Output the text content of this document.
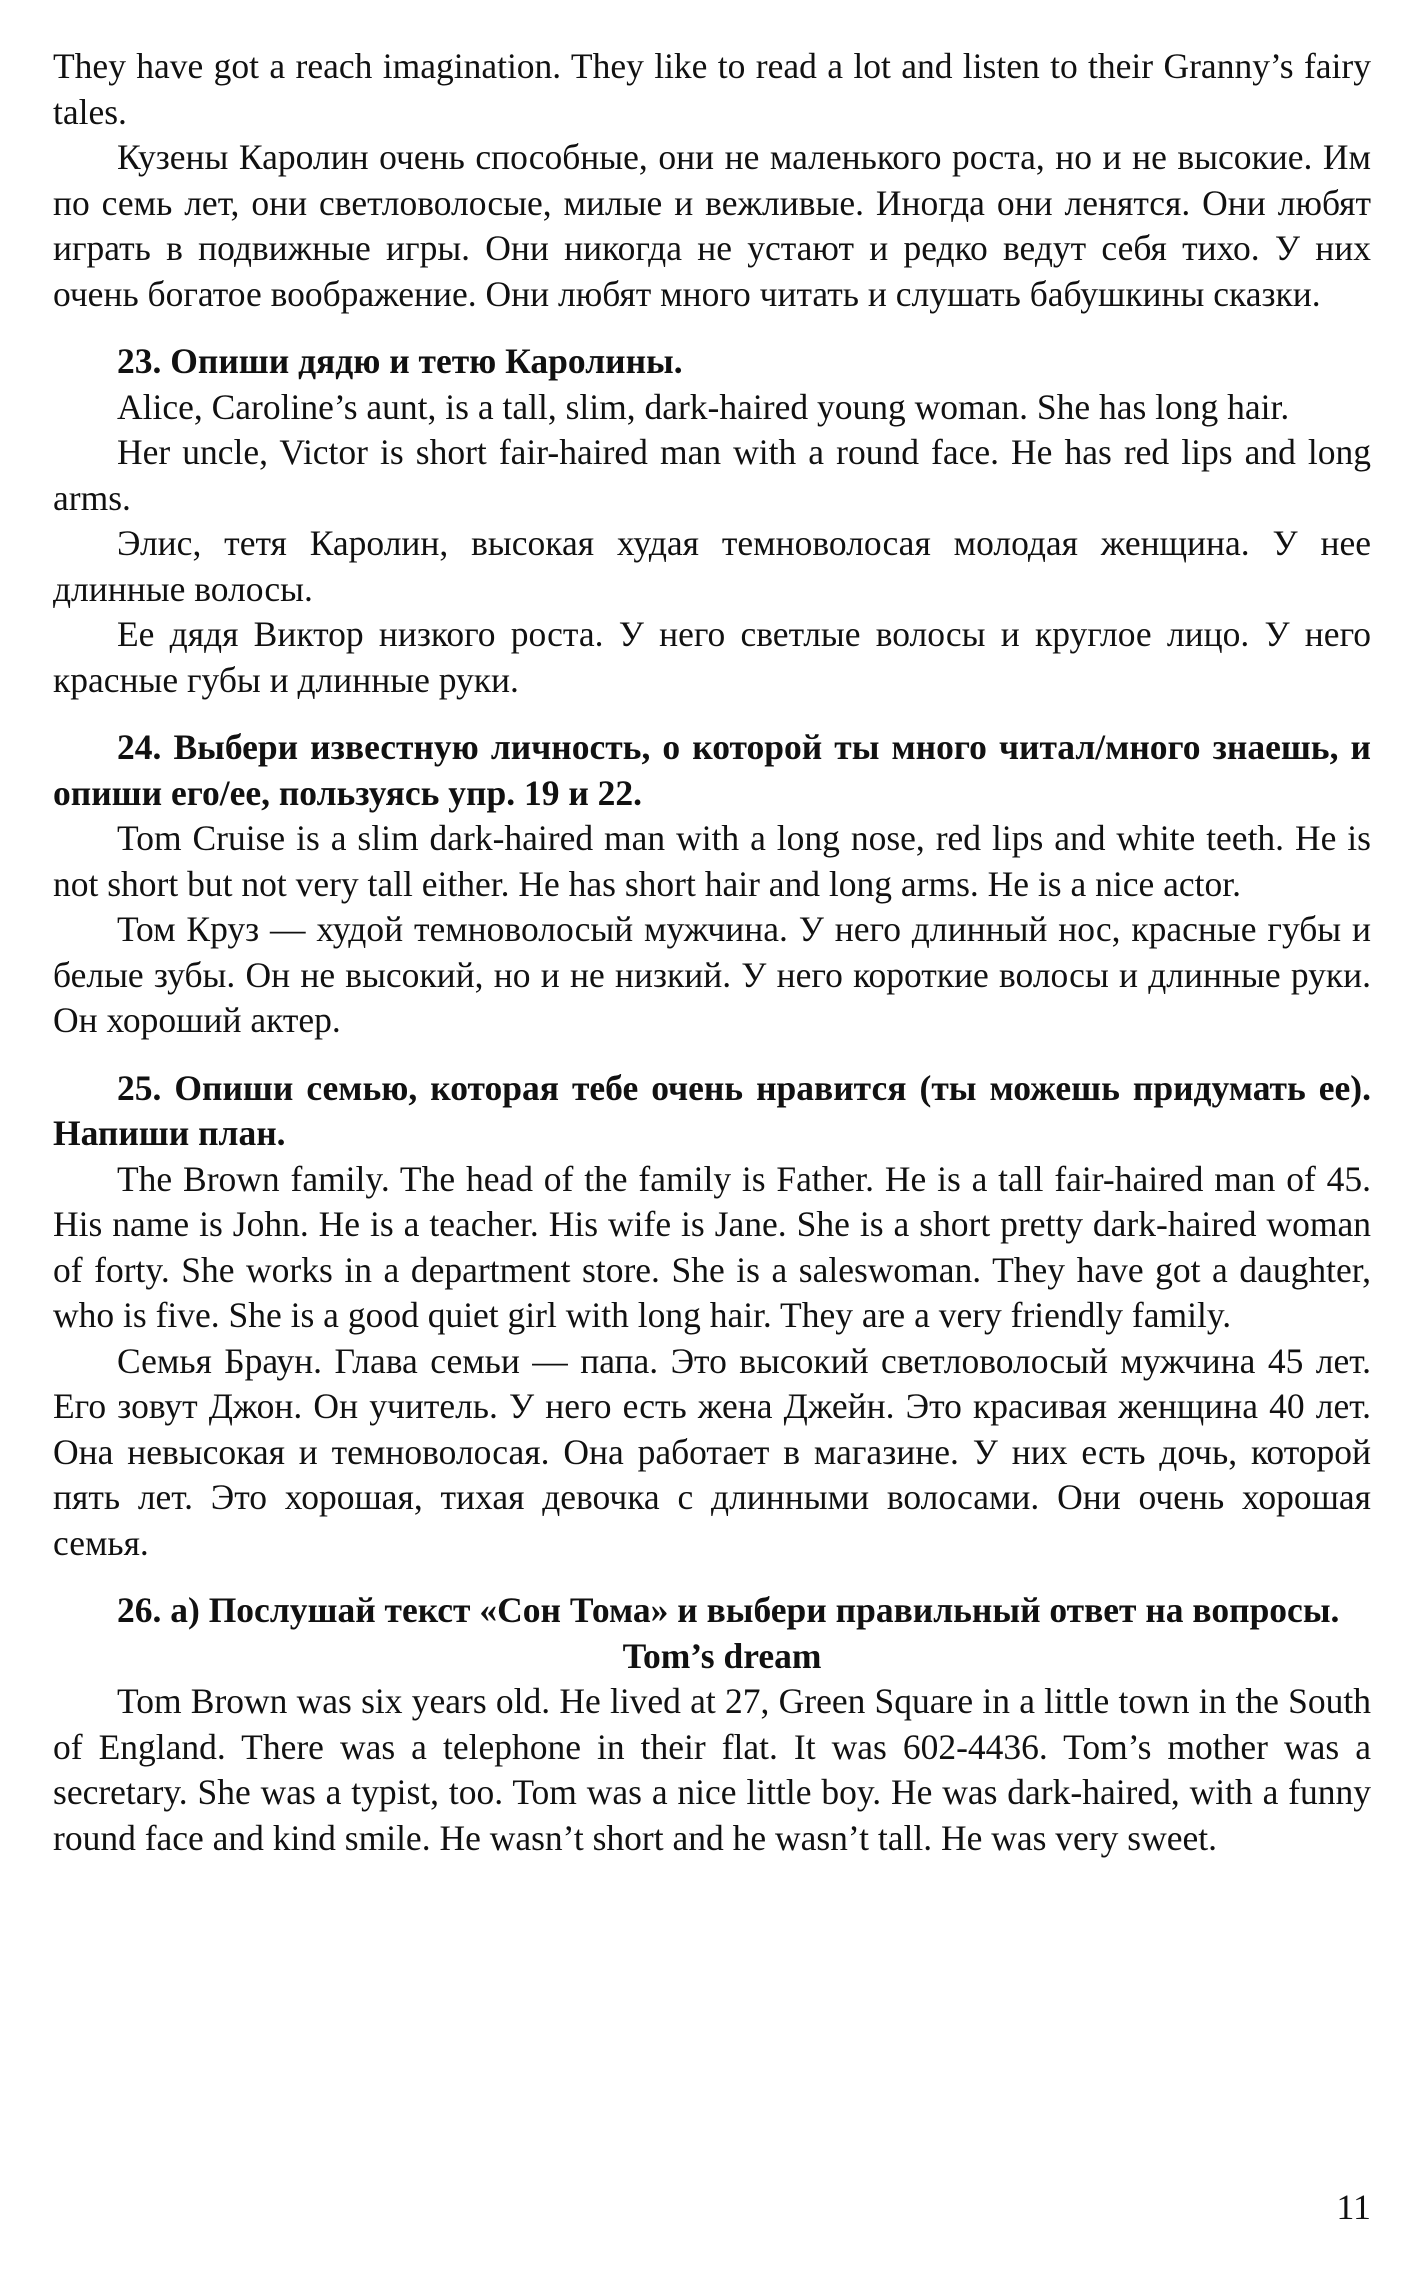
They have got a reach imagination. They like to read a lot and listen to their Granny’s fairy tales.

Кузены Каролин очень способные, они не маленького роста, но и не высокие. Им по семь лет, они светловолосые, милые и вежливые. Иногда они ленятся. Они любят играть в подвижные игры. Они никогда не устают и редко ведут себя тихо. У них очень богатое воображение. Они любят много читать и слушать бабушкины сказки.

23. Опиши дядю и тетю Каролины.

Alice, Caroline’s aunt, is a tall, slim, dark-haired young woman. She has long hair.

Her uncle, Victor is short fair-haired man with a round face. He has red lips and long arms.

Элис, тетя Каролин, высокая худая темноволосая молодая женщина. У нее длинные волосы.

Ее дядя Виктор низкого роста. У него светлые волосы и круглое лицо. У него красные губы и длинные руки.

24. Выбери известную личность, о которой ты много читал/много знаешь, и опиши его/ее, пользуясь упр. 19 и 22.

Tom Cruise is a slim dark-haired man with a long nose, red lips and white teeth. He is not short but not very tall either. He has short hair and long arms. He is a nice actor.

Том Круз — худой темноволосый мужчина. У него длинный нос, красные губы и белые зубы. Он не высокий, но и не низкий. У него короткие волосы и длинные руки. Он хороший актер.

25. Опиши семью, которая тебе очень нравится (ты можешь придумать ее). Напиши план.

The Brown family. The head of the family is Father. He is a tall fair-haired man of 45. His name is John. He is a teacher. His wife is Jane. She is a short pretty dark-haired woman of forty. She works in a department store. She is a saleswoman. They have got a daughter, who is five. She is a good quiet girl with long hair. They are a very friendly family.

Семья Браун. Глава семьи — папа. Это высокий светловолосый мужчина 45 лет. Его зовут Джон. Он учитель. У него есть жена Джейн. Это красивая женщина 40 лет. Она невысокая и темноволосая. Она работает в магазине. У них есть дочь, которой пять лет. Это хорошая, тихая девочка с длинными волосами. Они очень хорошая семья.

26. а) Послушай текст «Сон Тома» и выбери правильный ответ на вопросы.

Tom’s dream

Tom Brown was six years old. He lived at 27, Green Square in a little town in the South of England. There was a telephone in their flat. It was 602-4436. Tom’s mother was a secretary. She was a typist, too. Tom was a nice little boy. He was dark-haired, with a funny round face and kind smile. He wasn’t short and he wasn’t tall. He was very sweet.

11
